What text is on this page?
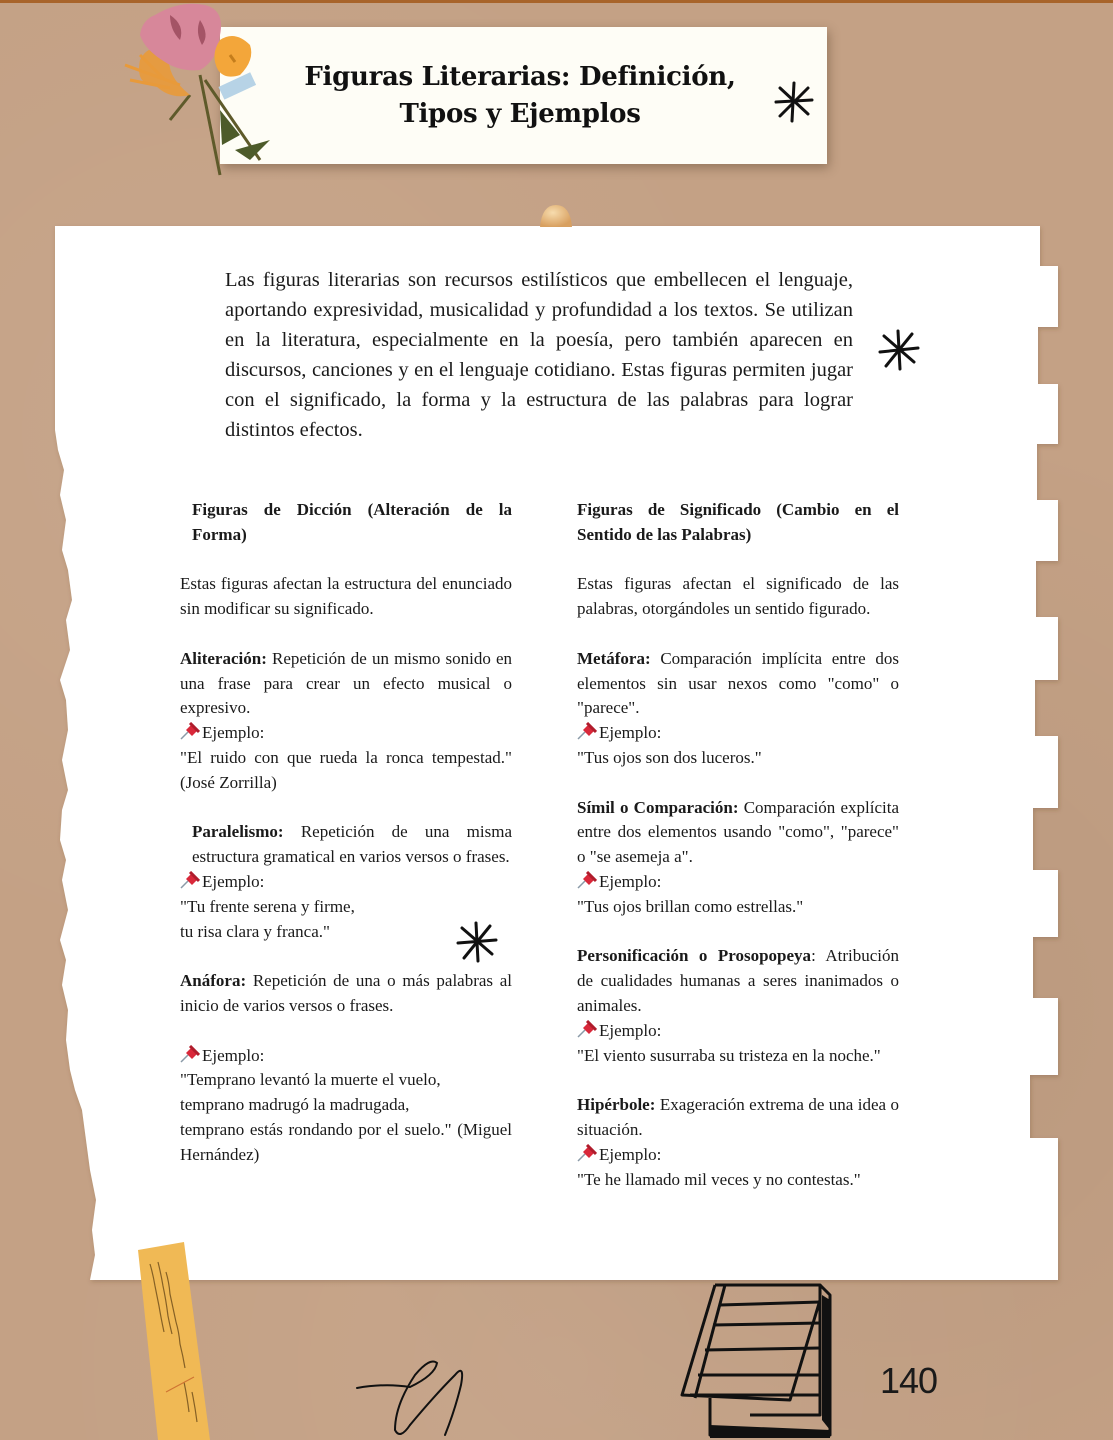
Figuras Literarias: Definición,
Tipos y Ejemplos

Las figuras literarias son recursos estilísticos que embellecen el lenguaje, aportando expresividad, musicalidad y profundidad a los textos. Se utilizan en la literatura, especialmente en la poesía, pero también aparecen en discursos, canciones y en el lenguaje cotidiano. Estas figuras permiten jugar con el significado, la forma y la estructura de las palabras para lograr distintos efectos.

Figuras de Dicción (Alteración de la Forma)

Estas figuras afectan la estructura del enunciado sin modificar su significado.

Aliteración: Repetición de un mismo sonido en una frase para crear un efecto musical o expresivo.

Ejemplo:

"El ruido con que rueda la ronca tempestad." (José Zorrilla)

Paralelismo: Repetición de una misma estructura gramatical en varios versos o frases.

Ejemplo:

"Tu frente serena y firme,

tu risa clara y franca."

Anáfora: Repetición de una o más palabras al inicio de varios versos o frases.

Ejemplo:

"Temprano levantó la muerte el vuelo,

temprano madrugó la madrugada,

temprano estás rondando por el suelo." (Miguel Hernández)

Figuras de Significado (Cambio en el Sentido de las Palabras)

Estas figuras afectan el significado de las palabras, otorgándoles un sentido figurado.

Metáfora: Comparación implícita entre dos elementos sin usar nexos como "como" o "parece".

Ejemplo:

"Tus ojos son dos luceros."

Símil o Comparación: Comparación explícita entre dos elementos usando "como", "parece" o "se asemeja a".

Ejemplo:

"Tus ojos brillan como estrellas."

Personificación o Prosopopeya: Atribución de cualidades humanas a seres inanimados o animales.

Ejemplo:

"El viento susurraba su tristeza en la noche."

Hipérbole: Exageración extrema de una idea o situación.

Ejemplo:

"Te he llamado mil veces y no contestas."

140
